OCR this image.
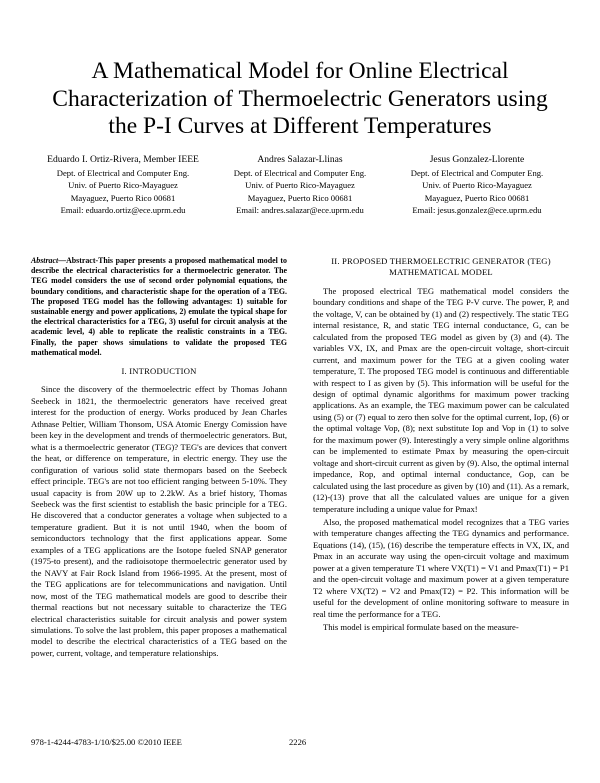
A Mathematical Model for Online Electrical Characterization of Thermoelectric Generators using the P-I Curves at Different Temperatures
Eduardo I. Ortiz-Rivera, Member IEEE
Dept. of Electrical and Computer Eng.
Univ. of Puerto Rico-Mayaguez
Mayaguez, Puerto Rico 00681
Email: eduardo.ortiz@ece.uprm.edu
Andres Salazar-Llinas
Dept. of Electrical and Computer Eng.
Univ. of Puerto Rico-Mayaguez
Mayaguez, Puerto Rico 00681
Email: andres.salazar@ece.uprm.edu
Jesus Gonzalez-Llorente
Dept. of Electrical and Computer Eng.
Univ. of Puerto Rico-Mayaguez
Mayaguez, Puerto Rico 00681
Email: jesus.gonzalez@ece.uprm.edu
Abstract—Abstract-This paper presents a proposed mathematical model to describe the electrical characteristics for a thermoelectric generator. The TEG model considers the use of second order polynomial equations, the boundary conditions, and characteristic shape for the operation of a TEG. The proposed TEG model has the following advantages: 1) suitable for sustainable energy and power applications, 2) emulate the typical shape for the electrical characteristics for a TEG, 3) useful for circuit analysis at the academic level, 4) able to replicate the realistic constraints in a TEG. Finally, the paper shows simulations to validate the proposed TEG mathematical model.
I. INTRODUCTION

Since the discovery of the thermoelectric effect by Thomas Johann Seebeck in 1821, the thermoelectric generators have received great interest for the production of energy. Works produced by Jean Charles Athnase Peltier, William Thonsom, USA Atomic Energy Comission have been key in the development and trends of thermoelectric generators. But, what is a thermoelectric generator (TEG)? TEG's are devices that convert the heat, or difference on temperature, in electric energy. They use the configuration of various solid state thermopars based on the Seebeck effect principle. TEG's are not too efficient ranging between 5-10%. They usual capacity is from 20W up to 2.2kW. As a brief history, Thomas Seebeck was the first scientist to establish the basic principle for a TEG. He discovered that a conductor generates a voltage when subjected to a temperature gradient. But it is not until 1940, when the boom of semiconductors technology that the first applications appear. Some examples of a TEG applications are the Isotope fueled SNAP generator (1975-to present), and the radioisotope thermoelectric generator used by the NAVY at Fair Rock Island from 1966-1995. At the present, most of the TEG applications are for telecommunications and navigation. Until now, most of the TEG mathematical models are good to describe their thermal reactions but not necessary suitable to characterize the TEG electrical characteristics suitable for circuit analysis and power system simulations. To solve the last problem, this paper proposes a mathematical model to describe the electrical characteristics of a TEG based on the power, current, voltage, and temperature relationships.

II. PROPOSED THERMOELECTRIC GENERATOR (TEG) MATHEMATICAL MODEL

The proposed electrical TEG mathematical model considers the boundary conditions and shape of the TEG P-V curve. The power, P, and the voltage, V, can be obtained by (1) and (2) respectively. The static TEG internal resistance, R, and static TEG internal conductance, G, can be calculated from the proposed TEG model as given by (3) and (4). The variables VX, IX, and Pmax are the open-circuit voltage, short-circuit current, and maximum power for the TEG at a given cooling water temperature, T. The proposed TEG model is continuous and differentiable with respect to I as given by (5). This information will be useful for the design of optimal dynamic algorithms for maximum power tracking applications. As an example, the TEG maximum power can be calculated using (5) or (7) equal to zero then solve for the optimal current, Iop, (6) or the optimal voltage Vop, (8); next substitute Iop and Vop in (1) to solve for the maximum power (9). Interestingly a very simple online algorithms can be implemented to estimate Pmax by measuring the open-circuit voltage and short-circuit current as given by (9). Also, the optimal internal impedance, Rop, and optimal internal conductance, Gop, can be calculated using the last procedure as given by (10) and (11). As a remark, (12)-(13) prove that all the calculated values are unique for a given temperature including a unique value for Pmax!

Also, the proposed mathematical model recognizes that a TEG varies with temperature changes affecting the TEG dynamics and performance. Equations (14), (15), (16) describe the temperature effects in VX, IX, and Pmax in an accurate way using the open-circuit voltage and maximum power at a given temperature T1 where VX(T1) = V1 and Pmax(T1) = P1 and the open-circuit voltage and maximum power at a given temperature T2 where VX(T2) = V2 and Pmax(T2) = P2. This information will be useful for the development of online monitoring software to measure in real time the performance for a TEG.

This model is empirical formulate based on the measure-

978-1-4244-4783-1/10/$25.00 ©2010 IEEE	2226
